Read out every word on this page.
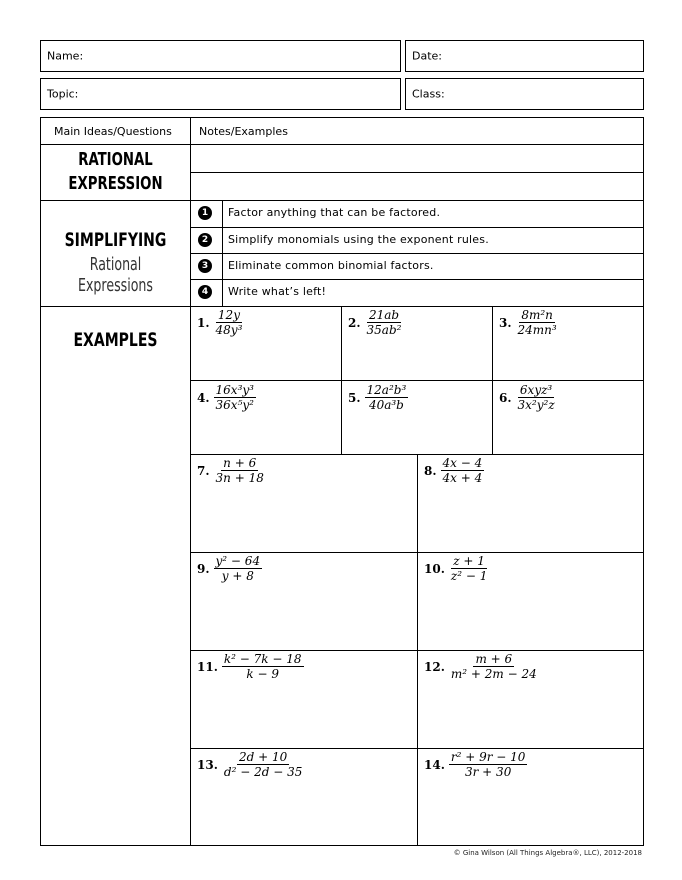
Name:	Date:
Topic:	Class:
Main Ideas/Questions Notes/Examples
RATIONAL
EXPRESSION
SIMPLIFYING
Rational Expressions
1	Factor anything that can be factored.
2	Simplify monomials using the exponent rules.
3	Eliminate common binomial factors.
4	Write what’s left!
EXAMPLES
1. $\frac{12y}{\text{48y³}}$	2. $\frac{21ab}{\text{35ab²}}$	3. $\frac{\text{8m²n}}{\text{24mn³}}$
4. $\frac{\text{16x³y³}}{\text{36x⁵y²}}$	5. $\frac{\text{12a²b³}}{\text{40a³b}}$	6. $\frac{\text{6xyz³}}{\text{3x²y²z}}$
7. $\frac{n + 6}{3n + 18}$	8. $\frac{4x - 4}{4x + 4}$
9. $\frac{\text{y² − 64}}{y + 8}$	10. $\frac{z + 1}{\text{z² − 1}}$
11. $\frac{\text{k² − 7k − 18}}{k - 9}$	12. $\frac{m + 6}{\text{m² + 2m − 24}}$
13. $\frac{2d + 10}{\text{d² − 2d − 35}}$	14. $\frac{\text{r² + 9r − 10}}{3r + 30}$
© Gina Wilson (All Things Algebra®, LLC), 2012-2018
